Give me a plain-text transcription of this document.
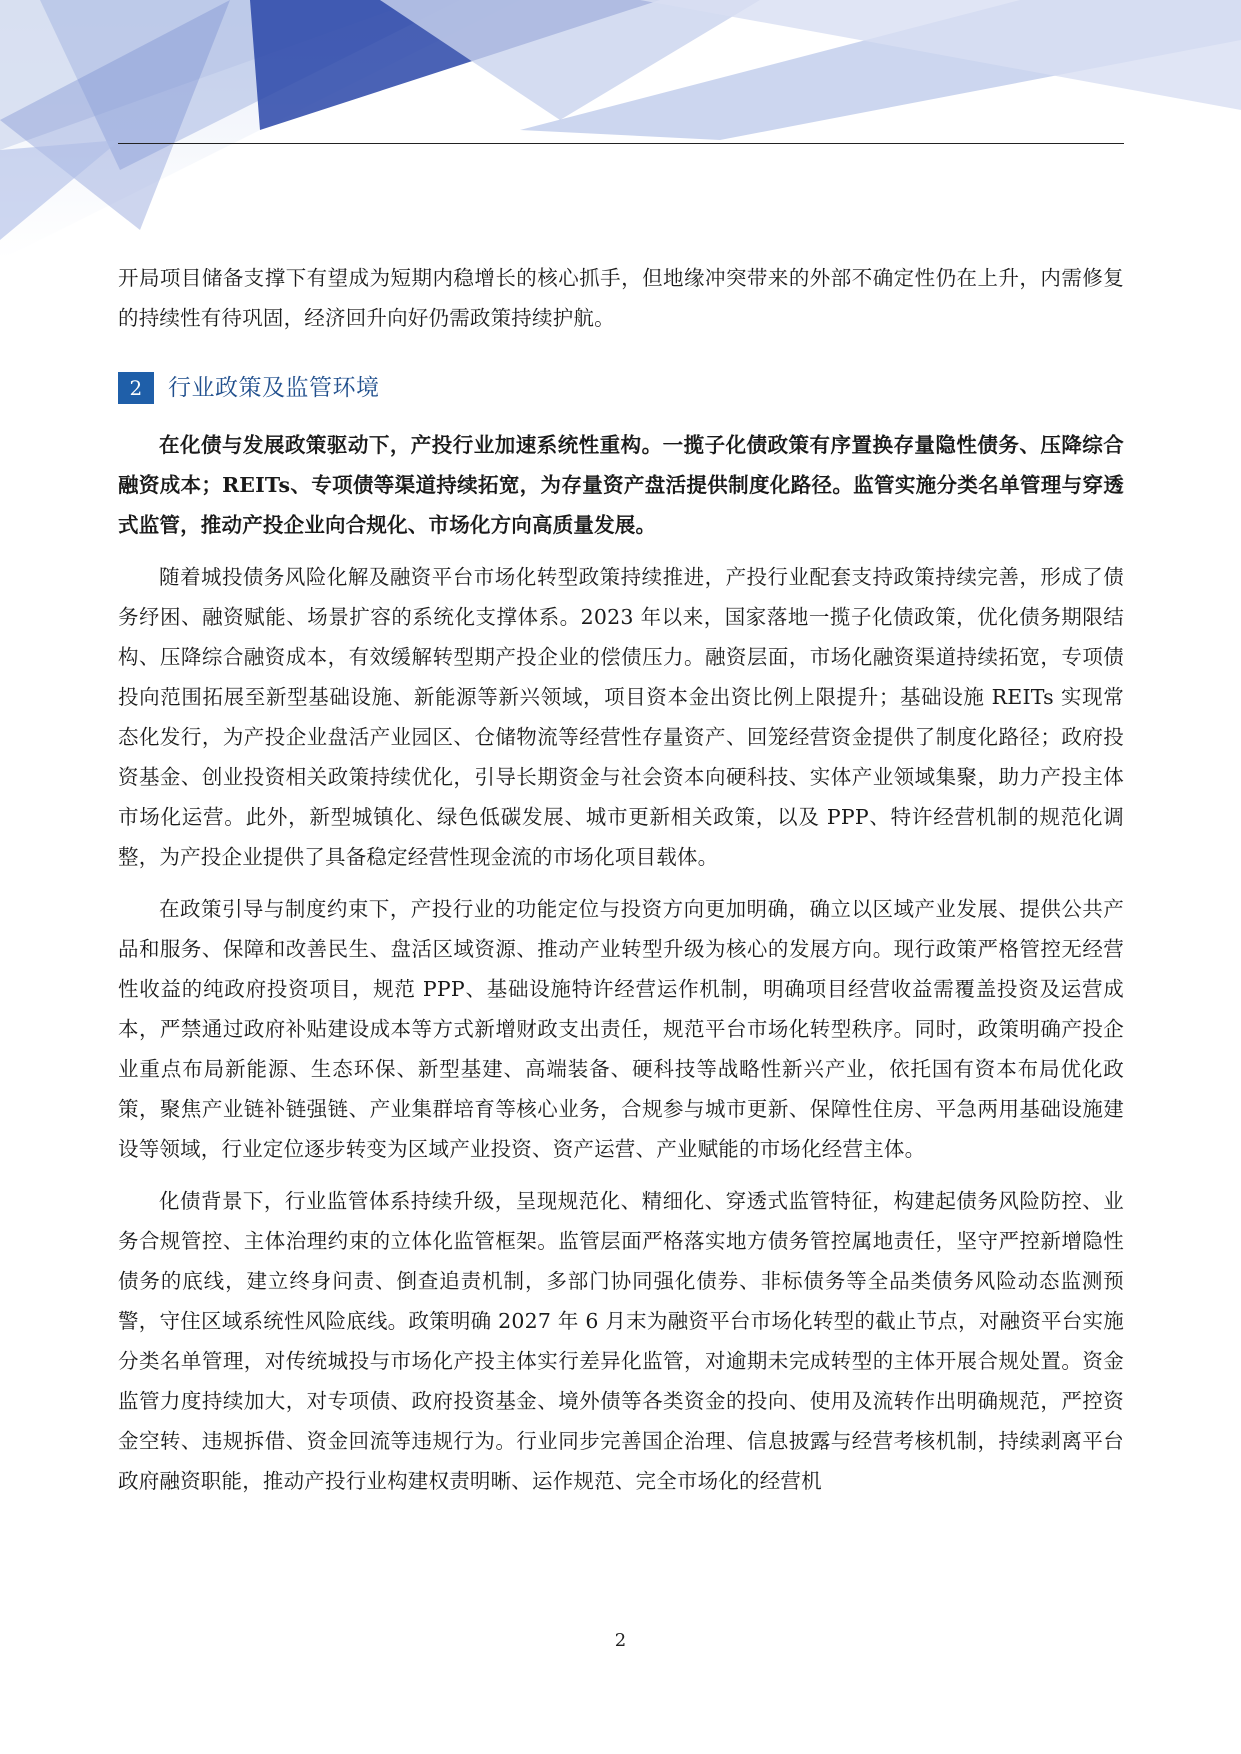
开局项目储备支撑下有望成为短期内稳增长的核心抓手，但地缘冲突带来的外部不确定性仍在上升，内需修复的持续性有待巩固，经济回升向好仍需政策持续护航。

2	行业政策及监管环境

在化债与发展政策驱动下，产投行业加速系统性重构。一揽子化债政策有序置换存量隐性债务、压降综合融资成本；REITs、专项债等渠道持续拓宽，为存量资产盘活提供制度化路径。监管实施分类名单管理与穿透式监管，推动产投企业向合规化、市场化方向高质量发展。

随着城投债务风险化解及融资平台市场化转型政策持续推进，产投行业配套支持政策持续完善，形成了债务纾困、融资赋能、场景扩容的系统化支撑体系。2023 年以来，国家落地一揽子化债政策，优化债务期限结构、压降综合融资成本，有效缓解转型期产投企业的偿债压力。融资层面，市场化融资渠道持续拓宽，专项债投向范围拓展至新型基础设施、新能源等新兴领域，项目资本金出资比例上限提升；基础设施 REITs 实现常态化发行，为产投企业盘活产业园区、仓储物流等经营性存量资产、回笼经营资金提供了制度化路径；政府投资基金、创业投资相关政策持续优化，引导长期资金与社会资本向硬科技、实体产业领域集聚，助力产投主体市场化运营。此外，新型城镇化、绿色低碳发展、城市更新相关政策，以及 PPP、特许经营机制的规范化调整，为产投企业提供了具备稳定经营性现金流的市场化项目载体。

在政策引导与制度约束下，产投行业的功能定位与投资方向更加明确，确立以区域产业发展、提供公共产品和服务、保障和改善民生、盘活区域资源、推动产业转型升级为核心的发展方向。现行政策严格管控无经营性收益的纯政府投资项目，规范 PPP、基础设施特许经营运作机制，明确项目经营收益需覆盖投资及运营成本，严禁通过政府补贴建设成本等方式新增财政支出责任，规范平台市场化转型秩序。同时，政策明确产投企业重点布局新能源、生态环保、新型基建、高端装备、硬科技等战略性新兴产业，依托国有资本布局优化政策，聚焦产业链补链强链、产业集群培育等核心业务，合规参与城市更新、保障性住房、平急两用基础设施建设等领域，行业定位逐步转变为区域产业投资、资产运营、产业赋能的市场化经营主体。

化债背景下，行业监管体系持续升级，呈现规范化、精细化、穿透式监管特征，构建起债务风险防控、业务合规管控、主体治理约束的立体化监管框架。监管层面严格落实地方债务管控属地责任，坚守严控新增隐性债务的底线，建立终身问责、倒查追责机制，多部门协同强化债券、非标债务等全品类债务风险动态监测预警，守住区域系统性风险底线。政策明确 2027 年 6 月末为融资平台市场化转型的截止节点，对融资平台实施分类名单管理，对传统城投与市场化产投主体实行差异化监管，对逾期未完成转型的主体开展合规处置。资金监管力度持续加大，对专项债、政府投资基金、境外债等各类资金的投向、使用及流转作出明确规范，严控资金空转、违规拆借、资金回流等违规行为。行业同步完善国企治理、信息披露与经营考核机制，持续剥离平台政府融资职能，推动产投行业构建权责明晰、运作规范、完全市场化的经营机

2
